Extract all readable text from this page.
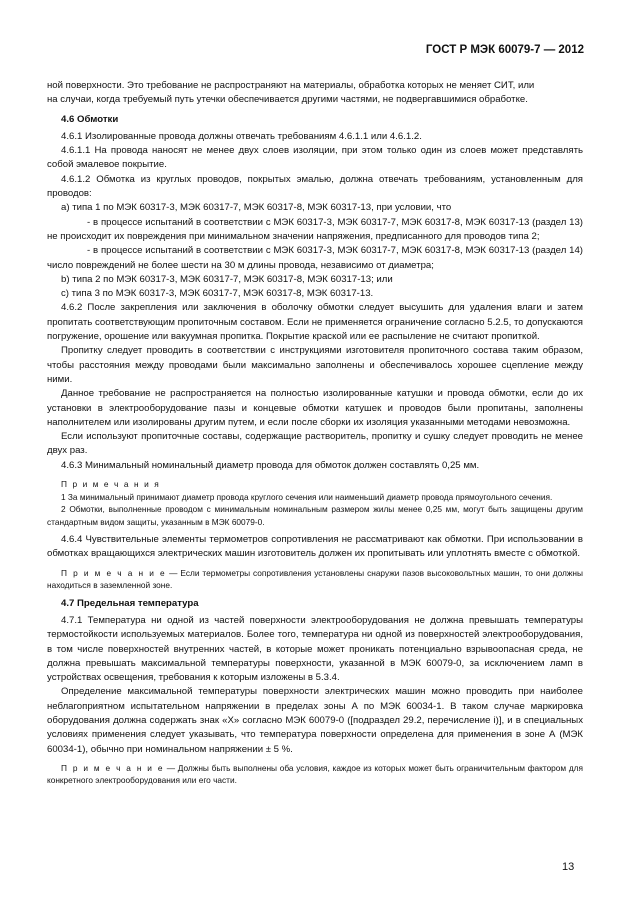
ГОСТ Р МЭК 60079-7 — 2012

ной поверхности. Это требование не распространяют на материалы, обработка которых не меняет СИТ, или

на случаи, когда требуемый путь утечки обеспечивается другими частями, не подвергавшимися обработке.

4.6 Обмотки

4.6.1 Изолированные провода должны отвечать требованиям 4.6.1.1 или 4.6.1.2.

4.6.1.1 На провода наносят не менее двух слоев изоляции, при этом только один из слоев может представлять собой эмалевое покрытие.

4.6.1.2 Обмотка из круглых проводов, покрытых эмалью, должна отвечать требованиям, установленным для проводов:

а) типа 1 по МЭК 60317-3, МЭК 60317-7, МЭК 60317-8, МЭК 60317-13, при условии, что

- в процессе испытаний в соответствии с МЭК 60317-3, МЭК 60317-7, МЭК 60317-8, МЭК 60317-13 (раздел 13) не происходит их повреждения при минимальном значении напряжения, предписанного для проводов типа 2;

- в процессе испытаний в соответствии с МЭК 60317-3, МЭК 60317-7, МЭК 60317-8, МЭК 60317-13 (раздел 14) число повреждений не более шести на 30 м длины провода, независимо от диаметра;

b) типа 2 по МЭК 60317-3, МЭК 60317-7, МЭК 60317-8, МЭК 60317-13; или

с) типа 3 по МЭК 60317-3, МЭК 60317-7, МЭК 60317-8, МЭК 60317-13.

4.6.2 После закрепления или заключения в оболочку обмотки следует высушить для удаления влаги и затем пропитать соответствующим пропиточным составом. Если не применяется ограничение согласно 5.2.5, то допускаются погружение, орошение или вакуумная пропитка. Покрытие краской или ее распыление не считают пропиткой.

Пропитку следует проводить в соответствии с инструкциями изготовителя пропиточного состава таким образом, чтобы расстояния между проводами были максимально заполнены и обеспечивалось хорошее сцепление между ними.

Данное требование не распространяется на полностью изолированные катушки и провода обмотки, если до их установки в электрооборудование пазы и концевые обмотки катушек и проводов были пропитаны, заполнены наполнителем или изолированы другим путем, и если после сборки их изоляция указанными методами невозможна.

Если используют пропиточные составы, содержащие растворитель, пропитку и сушку следует проводить не менее двух раз.

4.6.3 Минимальный номинальный диаметр провода для обмоток должен составлять 0,25 мм.

П р и м е ч а н и я

1 За минимальный принимают диаметр провода круглого сечения или наименьший диаметр провода прямоугольного сечения.

2 Обмотки, выполненные проводом с минимальным номинальным размером жилы менее 0,25 мм, могут быть защищены другим стандартным видом защиты, указанным в МЭК 60079-0.

4.6.4 Чувствительные элементы термометров сопротивления не рассматривают как обмотки. При использовании в обмотках вращающихся электрических машин изготовитель должен их пропитывать или уплотнять вместе с обмоткой.

П р и м е ч а н и е — Если термометры сопротивления установлены снаружи пазов высоковольтных машин, то они должны находиться в заземленной зоне.

4.7 Предельная температура

4.7.1 Температура ни одной из частей поверхности электрооборудования не должна превышать температуры термостойкости используемых материалов. Более того, температура ни одной из поверхностей электрооборудования, в том числе поверхностей внутренних частей, в которые может проникать потенциально взрывоопасная среда, не должна превышать максимальной температуры поверхности, указанной в МЭК 60079-0, за исключением ламп в устройствах освещения, требования к которым изложены в 5.3.4.

Определение максимальной температуры поверхности электрических машин можно проводить при наиболее неблагоприятном испытательном напряжении в пределах зоны А по МЭК 60034-1. В таком случае маркировка оборудования должна содержать знак «Х» согласно МЭК 60079-0 ([подраздел 29.2, перечисление i)], и в специальных условиях применения следует указывать, что температура поверхности определена для применения в зоне А (МЭК 60034-1), обычно при номинальном напряжении ± 5 %.

П р и м е ч а н и е — Должны быть выполнены оба условия, каждое из которых может быть ограничительным фактором для конкретного электрооборудования или его части.

13
